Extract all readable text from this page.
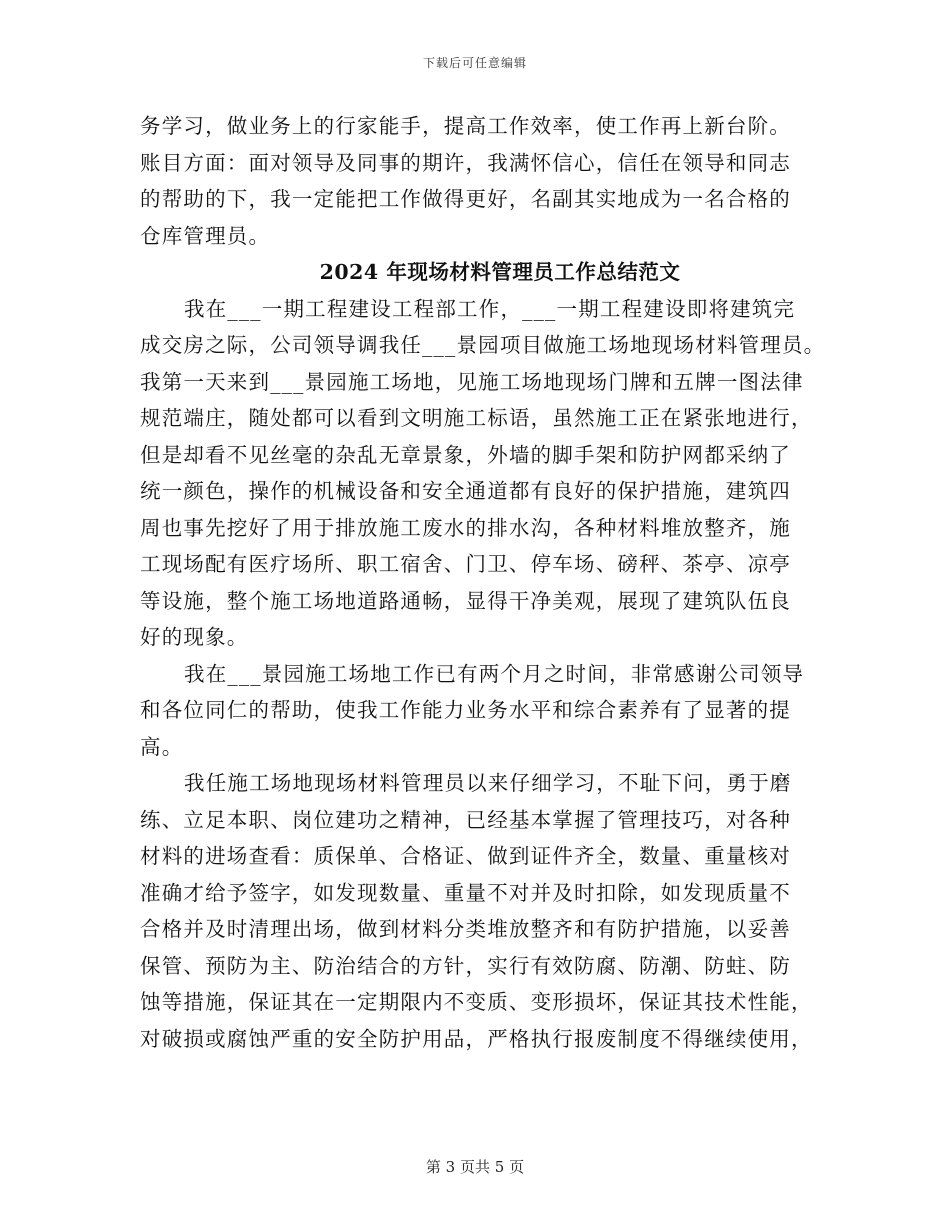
下载后可任意编辑
务学习，做业务上的行家能手，提高工作效率，使工作再上新台阶。
账目方面：面对领导及同事的期许，我满怀信心，信任在领导和同志
的帮助的下，我一定能把工作做得更好，名副其实地成为一名合格的
仓库管理员。
2024 年现场材料管理员工作总结范文
我在___一期工程建设工程部工作，___一期工程建设即将建筑完
成交房之际，公司领导调我任___景园项目做施工场地现场材料管理员。
我第一天来到___景园施工场地，见施工场地现场门牌和五牌一图法律
规范端庄，随处都可以看到文明施工标语，虽然施工正在紧张地进行，
但是却看不见丝毫的杂乱无章景象，外墙的脚手架和防护网都采纳了
统一颜色，操作的机械设备和安全通道都有良好的保护措施，建筑四
周也事先挖好了用于排放施工废水的排水沟，各种材料堆放整齐，施
工现场配有医疗场所、职工宿舍、门卫、停车场、磅秤、茶亭、凉亭
等设施，整个施工场地道路通畅，显得干净美观，展现了建筑队伍良
好的现象。
我在___景园施工场地工作已有两个月之时间，非常感谢公司领导
和各位同仁的帮助，使我工作能力业务水平和综合素养有了显著的提
高。
我任施工场地现场材料管理员以来仔细学习，不耻下问，勇于磨
练、立足本职、岗位建功之精神，已经基本掌握了管理技巧，对各种
材料的进场查看：质保单、合格证、做到证件齐全，数量、重量核对
准确才给予签字，如发现数量、重量不对并及时扣除，如发现质量不
合格并及时清理出场，做到材料分类堆放整齐和有防护措施，以妥善
保管、预防为主、防治结合的方针，实行有效防腐、防潮、防蛀、防
蚀等措施，保证其在一定期限内不变质、变形损坏，保证其技术性能，
对破损或腐蚀严重的安全防护用品，严格执行报废制度不得继续使用，
第 3 页共 5 页
